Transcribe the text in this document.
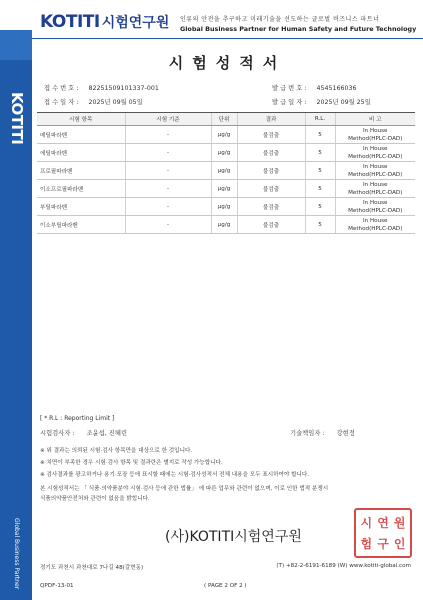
KOTITI
Global Business Partner
KOTITI 시험연구원 인류의 안전을 추구하고 미래기술을 선도하는 글로벌 비즈니스 파트너
Global Business Partner for Human Safety and Future Technology
시험성적서
접 수 번 호 : 82251509101337-001	발 급 번 호 : 4545166036
접 수 일 자 : 2025년 09월 05일	발 급 일 자 : 2025년 09월 25일
시험 항목	시험 기준	단위	결과	R.L.	비 고
메틸파라벤	-	μg/g	불검출	5	In House
Method(HPLC-DAD)

에틸파라벤	-	μg/g	불검출	5	In House
Method(HPLC-DAD)

프로필파라벤	-	μg/g	불검출	5	In House
Method(HPLC-DAD)

이소프로필파라벤	-	μg/g	불검출	5	In House
Method(HPLC-DAD)

부틸파라벤	-	μg/g	불검출	5	In House
Method(HPLC-DAD)

이소부틸파라벤	-	μg/g	불검출	5	In House
Method(HPLC-DAD)
[ * R.L : Reporting Limit ]
시험검사자 : 조윤섭, 진혜린	기술책임자 : 강현정
※ 위 결과는 의뢰된 시험·검사 항목만을 대상으로 한 것입니다.
※ 치면이 부족한 경우 시험·검사 항목 및 결과란은 별지로 작성 가능합니다.
※ 검사결과를 광고하거나 용기·포장 등에 표시할 때에는 시험·검사성적서 전체 내용을 모두 표시하여야 합니다.
본 시험성적서는 「 식품·의약품분야 시험·검사 등에 관한 법률」 에 따른 업무와 관련이 없으며, 이로 인한 법적 분쟁시
식품의약품안전처와 관련이 없음을 밝힙니다.
(사)KOTITI시험연구원
시 연 원
험 구 인
경기도 과천시 과천대로 7나길 48(갈현동)	(T) +82-2-6191-6189 (W) www.kotiti-global.com
QPDF-13-01	( PAGE 2 OF 2 )
